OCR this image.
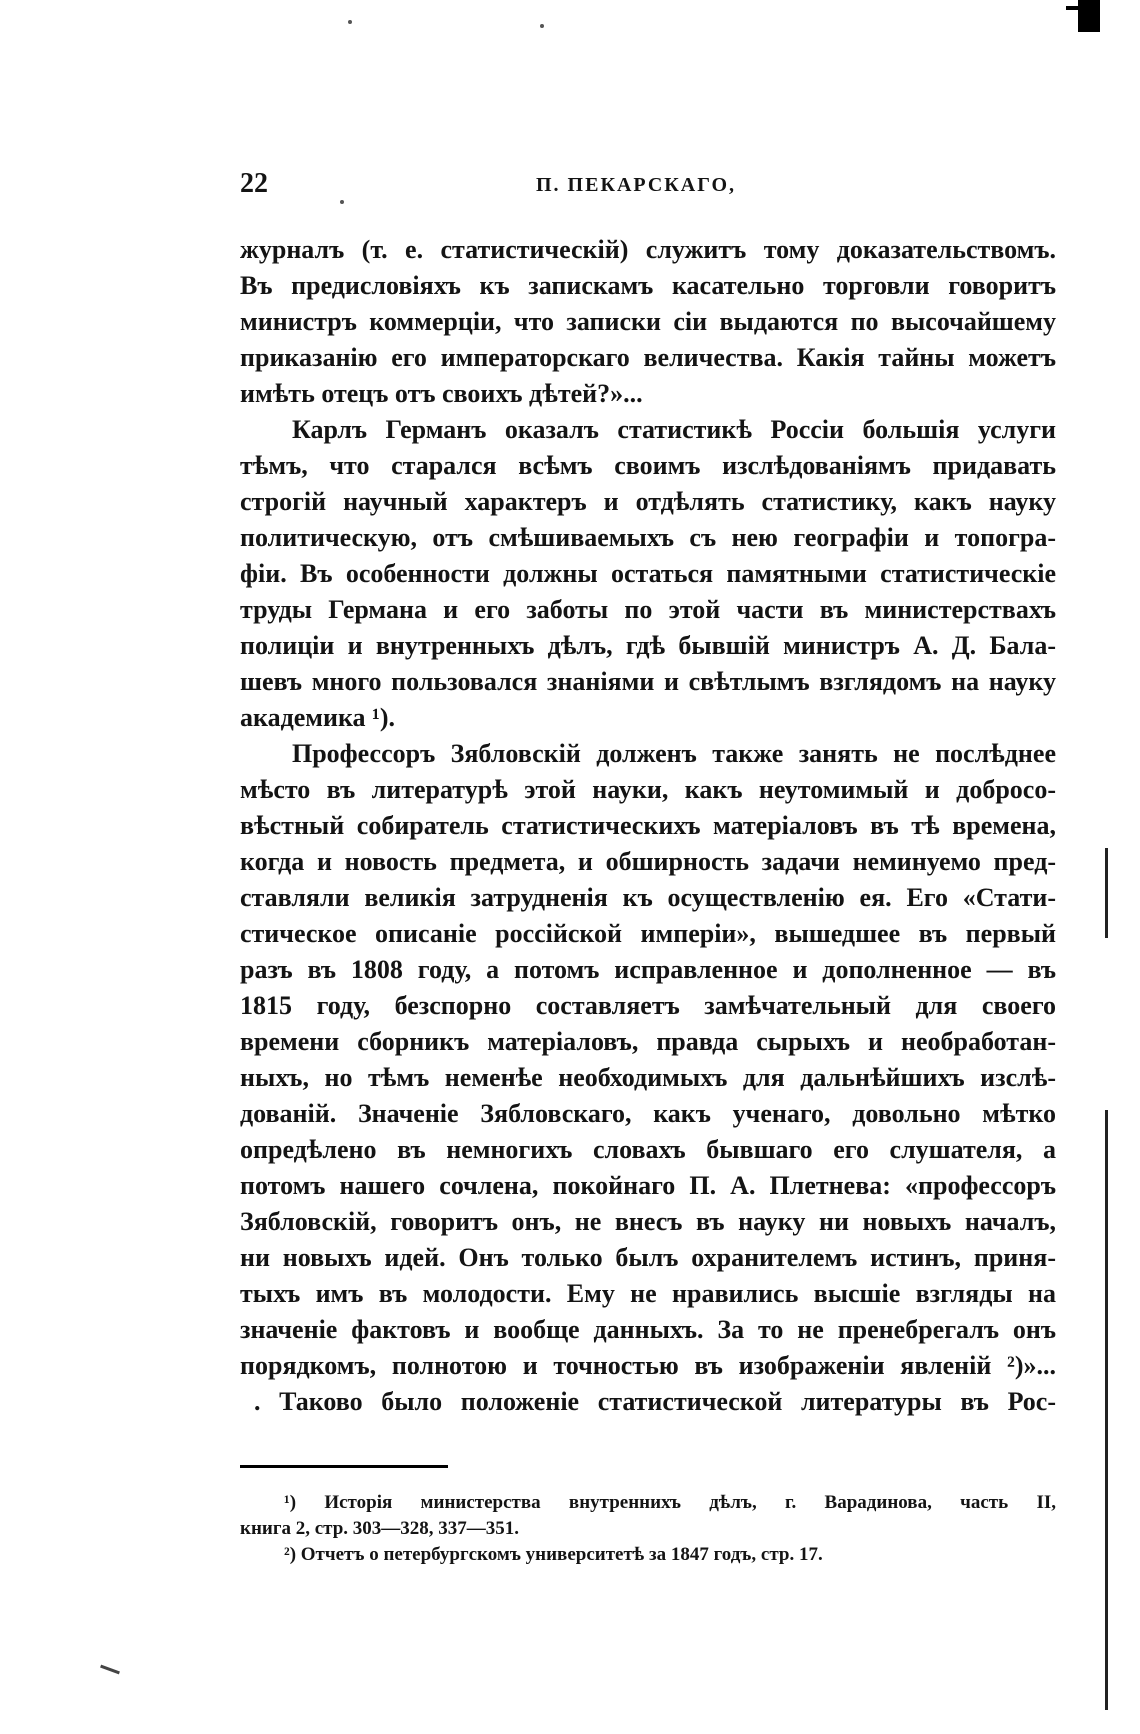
22	П. ПЕКАРСКАГО,
журналъ (т. е. статистическій) служитъ тому доказательствомъ.
Въ предисловіяхъ къ запискамъ касательно торговли говоритъ
министръ коммерціи, что записки сіи выдаются по высочайшему
приказанію его императорскаго величества. Какія тайны можетъ
имѣть отецъ отъ своихъ дѣтей?»...
Карлъ Германъ оказалъ статистикѣ Россіи большія услуги
тѣмъ, что старался всѣмъ своимъ изслѣдованіямъ придавать
строгій научный характеръ и отдѣлять статистику, какъ науку
политическую, отъ смѣшиваемыхъ съ нею географіи и топогра-
фіи. Въ особенности должны остаться памятными статистическіе
труды Германа и его заботы по этой части въ министерствахъ
полиціи и внутренныхъ дѣлъ, гдѣ бывшій министръ А. Д. Бала-
шевъ много пользовался знаніями и свѣтлымъ взглядомъ на науку
академика ¹).
Профессоръ Зябловскій долженъ также занять не послѣднее
мѣсто въ литературѣ этой науки, какъ неутомимый и добросо-
вѣстный собиратель статистическихъ матеріаловъ въ тѣ времена,
когда и новость предмета, и обширность задачи неминуемо пред-
ставляли великія затрудненія къ осуществленію ея. Его «Стати-
стическое описаніе россійской имперіи», вышедшее въ первый
разъ въ 1808 году, а потомъ исправленное и дополненное — въ
1815 году, безспорно составляетъ замѣчательный для своего
времени сборникъ матеріаловъ, правда сырыхъ и необработан-
ныхъ, но тѣмъ неменѣе необходимыхъ для дальнѣйшихъ изслѣ-
дованій. Значеніе Зябловскаго, какъ ученаго, довольно мѣтко
опредѣлено въ немногихъ словахъ бывшаго его слушателя, а
потомъ нашего сочлена, покойнаго П. А. Плетнева: «профессоръ
Зябловскій, говоритъ онъ, не внесъ въ науку ни новыхъ началъ,
ни новыхъ идей. Онъ только былъ охранителемъ истинъ, приня-
тыхъ имъ въ молодости. Ему не нравились высшіе взгляды на
значеніе фактовъ и вообще данныхъ. За то не пренебрегалъ онъ
порядкомъ, полнотою и точностью въ изображеніи явленій ²)»...
. Таково было положеніе статистической литературы въ Рос-
¹) Исторія министерства внутреннихъ дѣлъ, г. Варадинова, часть II,
книга 2, стр. 303—328, 337—351.
²) Отчетъ о петербургскомъ университетѣ за 1847 годъ, стр. 17.
